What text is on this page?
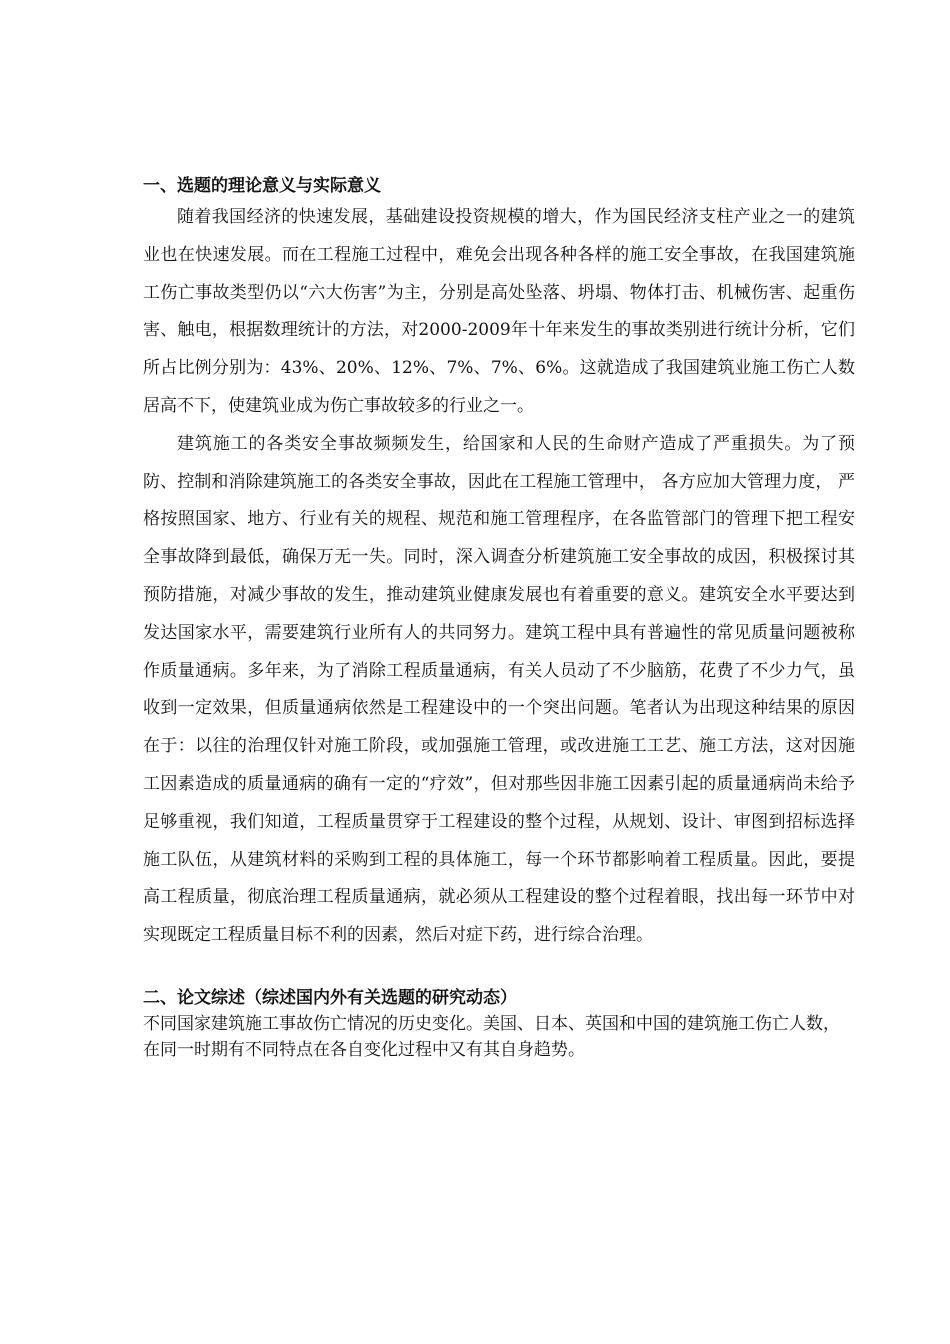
一、选题的理论意义与实际意义

随着我国经济的快速发展，基础建设投资规模的增大，作为国民经济支柱产业之一的建筑业也在快速发展。而在工程施工过程中，难免会出现各种各样的施工安全事故，在我国建筑施工伤亡事故类型仍以“六大伤害”为主，分别是高处坠落、坍塌、物体打击、机械伤害、起重伤害、触电，根据数理统计的方法，对2000-2009年十年来发生的事故类别进行统计分析，它们所占比例分别为：43%、20%、12%、7%、7%、6%。这就造成了我国建筑业施工伤亡人数居高不下，使建筑业成为伤亡事故较多的行业之一。

建筑施工的各类安全事故频频发生，给国家和人民的生命财产造成了严重损失。为了预防、控制和消除建筑施工的各类安全事故，因此在工程施工管理中， 各方应加大管理力度， 严格按照国家、地方、行业有关的规程、规范和施工管理程序，在各监管部门的管理下把工程安全事故降到最低，确保万无一失。同时，深入调查分析建筑施工安全事故的成因，积极探讨其预防措施，对减少事故的发生，推动建筑业健康发展也有着重要的意义。建筑安全水平要达到发达国家水平，需要建筑行业所有人的共同努力。建筑工程中具有普遍性的常见质量问题被称作质量通病。多年来，为了消除工程质量通病，有关人员动了不少脑筋，花费了不少力气，虽收到一定效果，但质量通病依然是工程建设中的一个突出问题。笔者认为出现这种结果的原因在于：以往的治理仅针对施工阶段，或加强施工管理，或改进施工工艺、施工方法，这对因施工因素造成的质量通病的确有一定的“疗效”，但对那些因非施工因素引起的质量通病尚未给予足够重视，我们知道，工程质量贯穿于工程建设的整个过程，从规划、设计、审图到招标选择施工队伍，从建筑材料的采购到工程的具体施工，每一个环节都影响着工程质量。因此，要提高工程质量，彻底治理工程质量通病，就必须从工程建设的整个过程着眼，找出每一环节中对实现既定工程质量目标不利的因素，然后对症下药，进行综合治理。

二、论文综述（综述国内外有关选题的研究动态）

不同国家建筑施工事故伤亡情况的历史变化。美国、日本、英国和中国的建筑施工伤亡人数，在同一时期有不同特点在各自变化过程中又有其自身趋势。
